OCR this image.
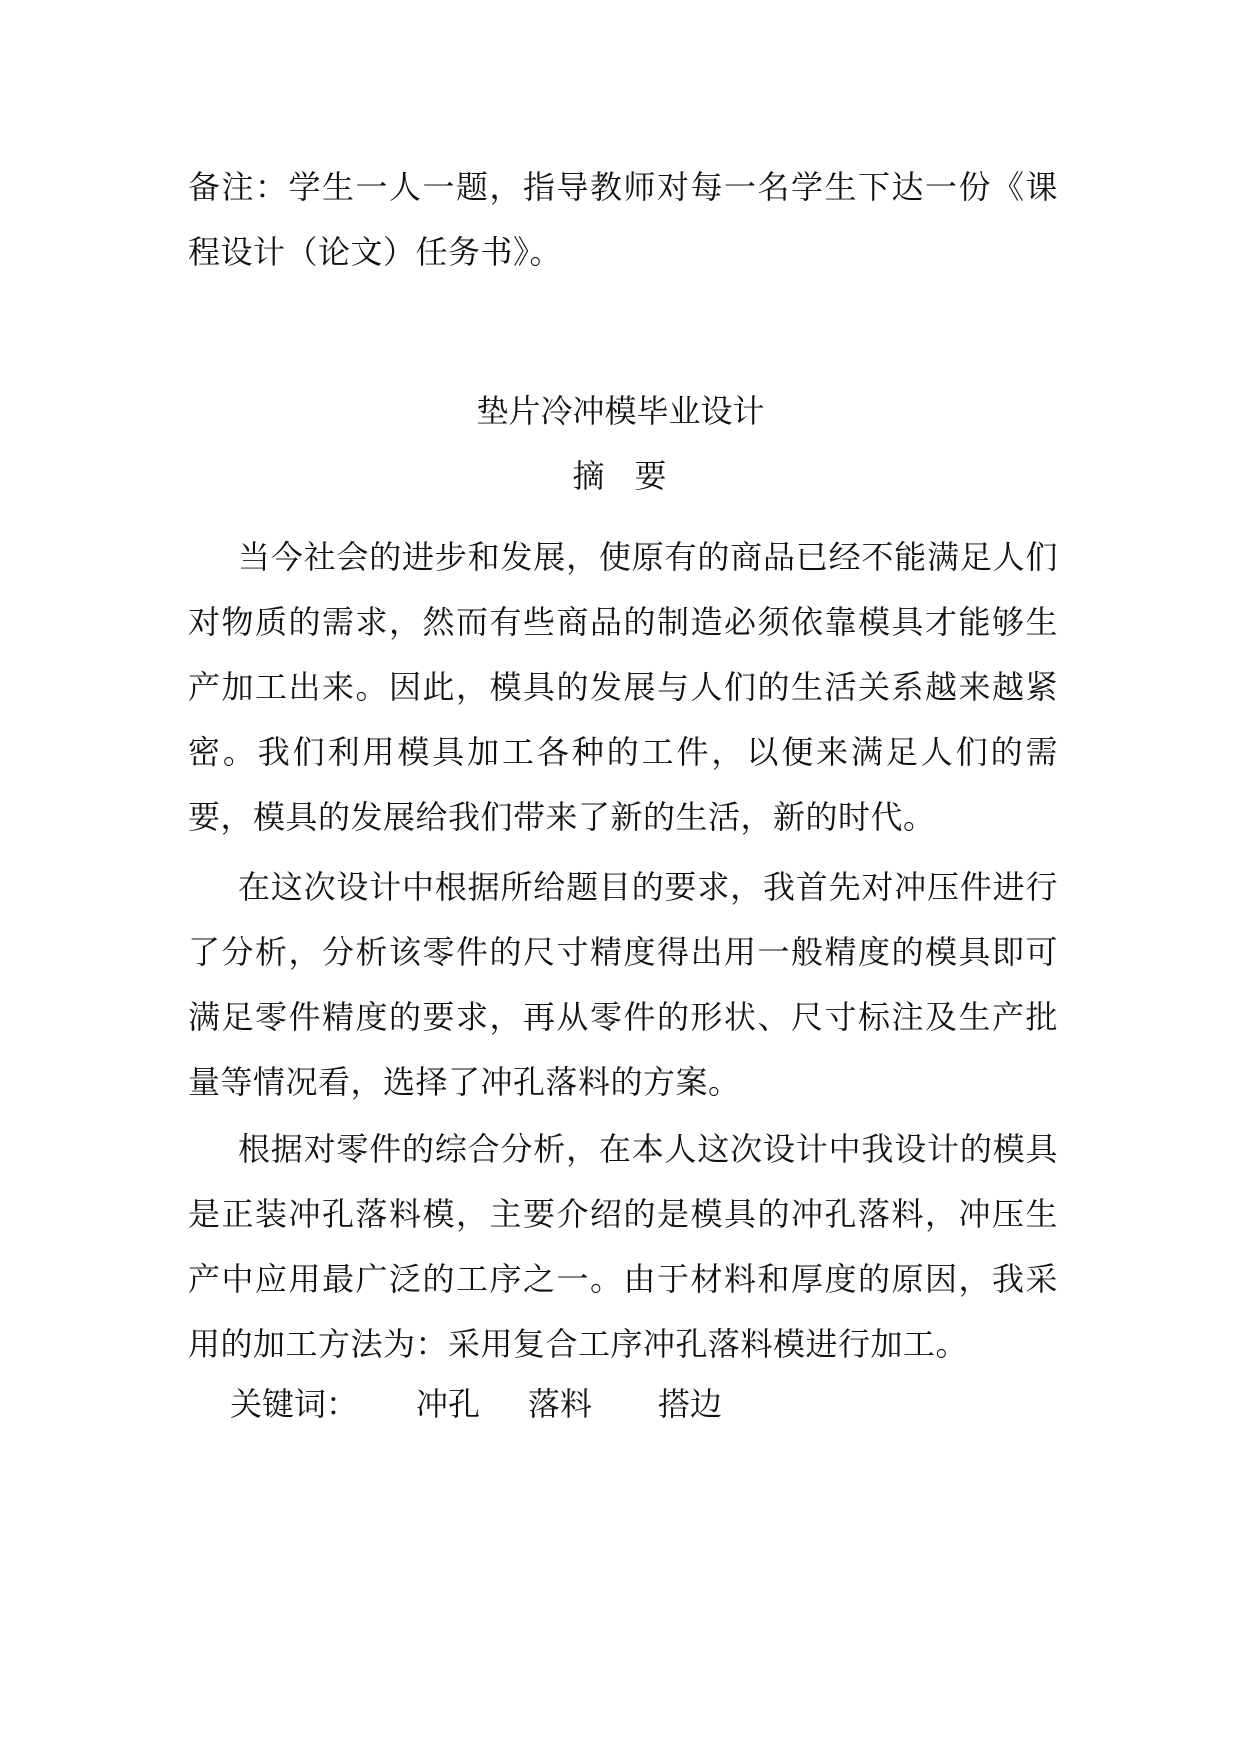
备注：学生一人一题，指导教师对每一名学生下达一份《课程设计（论文）任务书》。
垫片冷冲模毕业设计
摘 要
当今社会的进步和发展，使原有的商品已经不能满足人们对物质的需求，然而有些商品的制造必须依靠模具才能够生产加工出来。因此，模具的发展与人们的生活关系越来越紧密。我们利用模具加工各种的工件，以便来满足人们的需要，模具的发展给我们带来了新的生活，新的时代。
在这次设计中根据所给题目的要求，我首先对冲压件进行了分析，分析该零件的尺寸精度得出用一般精度的模具即可满足零件精度的要求，再从零件的形状、尺寸标注及生产批量等情况看，选择了冲孔落料的方案。
根据对零件的综合分析，在本人这次设计中我设计的模具是正装冲孔落料模，主要介绍的是模具的冲孔落料，冲压生产中应用最广泛的工序之一。由于材料和厚度的原因，我采用的加工方法为：采用复合工序冲孔落料模进行加工。
关键词： 冲孔 落料 搭边
